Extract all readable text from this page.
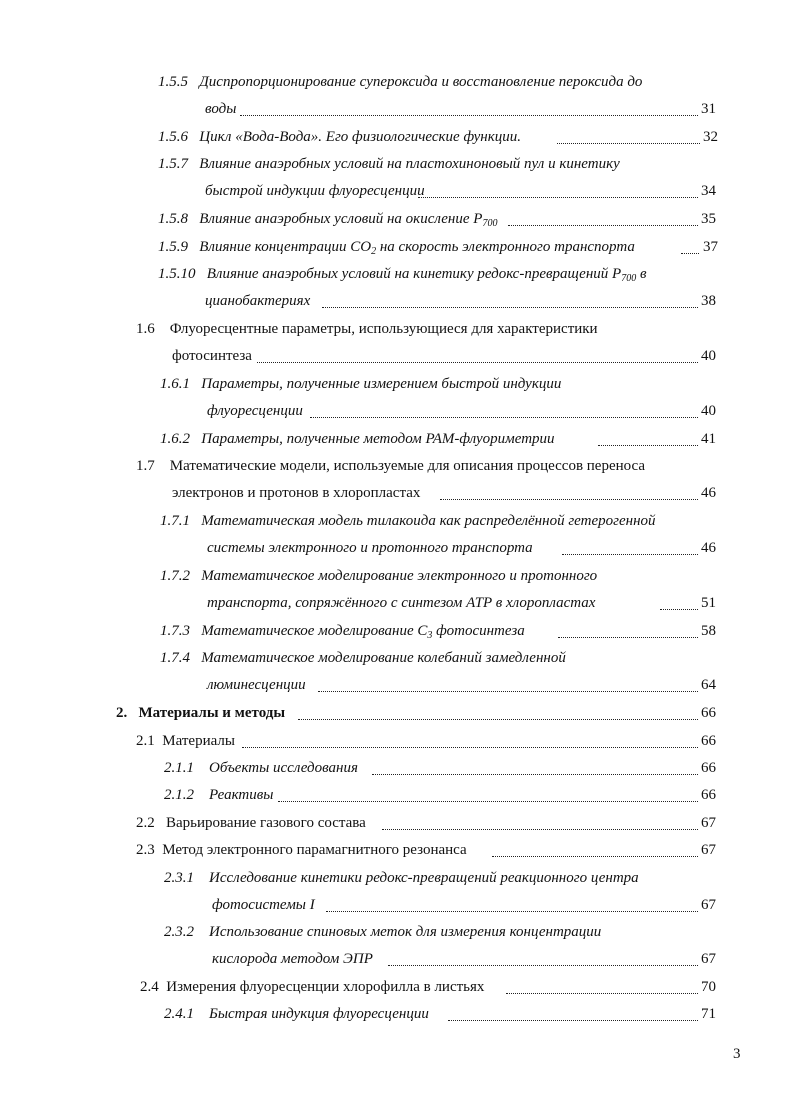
1.5.5 Диспропорционирование супероксида и восстановление пероксида до
воды	31
1.5.6 Цикл «Вода-Вода». Его физиологические функции.	32
1.5.7 Влияние анаэробных условий на пластохиноновый пул и кинетику
быстрой индукции флуоресценции	34
1.5.8 Влияние анаэробных условий на окисление $P_{700}$	35
1.5.9 Влияние концентрации $CO_2$ на скорость электронного транспорта	37
1.5.10 Влияние анаэробных условий на кинетику редокс-превращений $P_{700}$ в
цианобактериях	38
1.6 Флуоресцентные параметры, использующиеся для характеристики
фотосинтеза	40
1.6.1 Параметры, полученные измерением быстрой индукции
флуоресценции	40
1.6.2 Параметры, полученные методом PAM-флуориметрии	41
1.7 Математические модели, используемые для описания процессов переноса
электронов и протонов в хлоропластах	46
1.7.1 Математическая модель тилакоида как распределённой гетерогенной
системы электронного и протонного транспорта	46
1.7.2 Математическое моделирование электронного и протонного
транспорта, сопряжённого с синтезом ATP в хлоропластах	51
1.7.3 Математическое моделирование $C_3$ фотосинтеза	58
1.7.4 Математическое моделирование колебаний замедленной
люминесценции	64
2. Материалы и методы	66
2.1 Материалы	66
2.1.1 Объекты исследования	66
2.1.2 Реактивы	66
2.2 Варьирование газового состава	67
2.3 Метод электронного парамагнитного резонанса	67
2.3.1 Исследование кинетики редокс-превращений реакционного центра
фотосистемы I	67
2.3.2 Использование спиновых меток для измерения концентрации
кислорода методом ЭПР	67
2.4 Измерения флуоресценции хлорофилла в листьях	70
2.4.1 Быстрая индукция флуоресценции	71
3
